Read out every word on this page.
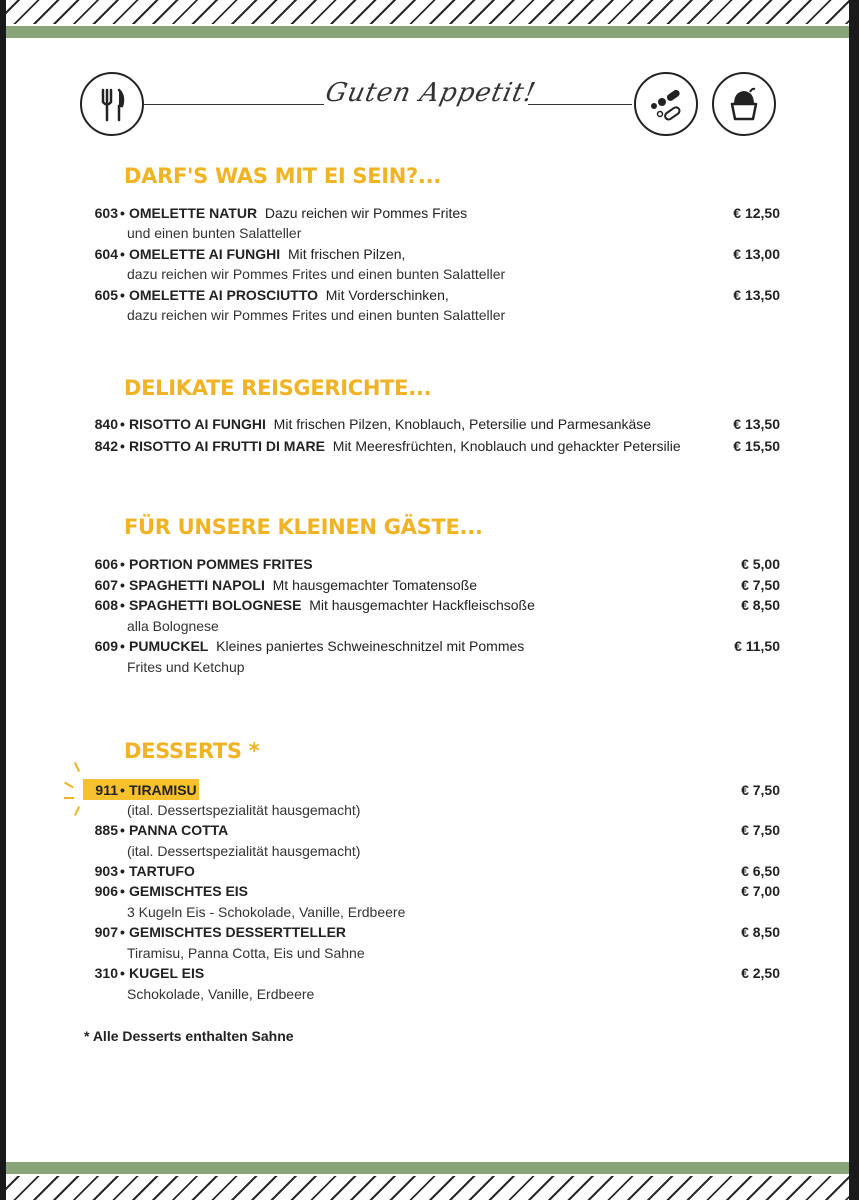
Guten Appetit!
DARF'S WAS MIT EI SEIN?...
603 • OMELETTE NATUR Dazu reichen wir Pommes Frites	€ 12,50
und einen bunten Salatteller
604 • OMELETTE AI FUNGHI Mit frischen Pilzen,	€ 13,00
dazu reichen wir Pommes Frites und einen bunten Salatteller
605 • OMELETTE AI PROSCIUTTO Mit Vorderschinken,	€ 13,50
dazu reichen wir Pommes Frites und einen bunten Salatteller
DELIKATE REISGERICHTE...
840 • RISOTTO AI FUNGHI Mit frischen Pilzen, Knoblauch, Petersilie und Parmesankäse	€ 13,50
842 • RISOTTO AI FRUTTI DI MARE Mit Meeresfrüchten, Knoblauch und gehackter Petersilie	€ 15,50
FÜR UNSERE KLEINEN GÄSTE...
606 • PORTION POMMES FRITES	€ 5,00
607 • SPAGHETTI NAPOLI Mt hausgemachter Tomatensoße	€ 7,50
608 • SPAGHETTI BOLOGNESE Mit hausgemachter Hackfleischsoße	€ 8,50
alla Bolognese
609 • PUMUCKEL Kleines paniertes Schweineschnitzel mit Pommes	€ 11,50
Frites und Ketchup
DESSERTS *
911 • TIRAMISU	€ 7,50
(ital. Dessertspezialität hausgemacht)
885 • PANNA COTTA	€ 7,50
(ital. Dessertspezialität hausgemacht)
903 • TARTUFO	€ 6,50
906 • GEMISCHTES EIS	€ 7,00
3 Kugeln Eis - Schokolade, Vanille, Erdbeere
907 • GEMISCHTES DESSERTTELLER	€ 8,50
Tiramisu, Panna Cotta, Eis und Sahne
310 • KUGEL EIS	€ 2,50
Schokolade, Vanille, Erdbeere
* Alle Desserts enthalten Sahne
